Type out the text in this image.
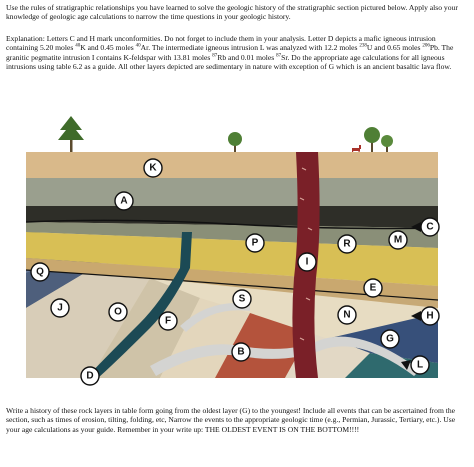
Use the rules of stratigraphic relationships you have learned to solve the geologic history of the stratigraphic section pictured below. Apply also your knowledge of geologic age calculations to narrow the time questions in your geologic history.

Explanation: Letters C and H mark unconformities. Do not forget to include them in your analysis. Letter D depicts a mafic igneous intrusion containing 5.20 moles $^{40}$K and 0.45 moles $^{40}$Ar. The intermediate igneous intrusion L was analyzed with 12.2 moles $^{238}$U and 0.65 moles $^{206}$Pb. The granitic pegmatite intrusion I contains K-feldspar with 13.81 moles $^{87}$Rb and 0.01 moles $^{87}$Sr. Do the appropriate age calculations for all igneous intrusions using table 6.2 as a guide. All other layers depicted are sedimentary in nature with exception of G which is an ancient basaltic lava flow.

K
A
P	R	M
C
I
E
Q
J	O
S
N	H
F
G
B
L
D

Write a history of these rock layers in table form going from the oldest layer (G) to the youngest! Include all events that can be ascertained from the section, such as times of erosion, tilting, folding, etc, Narrow the events to the appropriate geologic time (e.g., Permian, Jurassic, Tertiary, etc.). Use your age calculations as your guide. Remember in your write up: THE OLDEST EVENT IS ON THE BOTTOM!!!!
